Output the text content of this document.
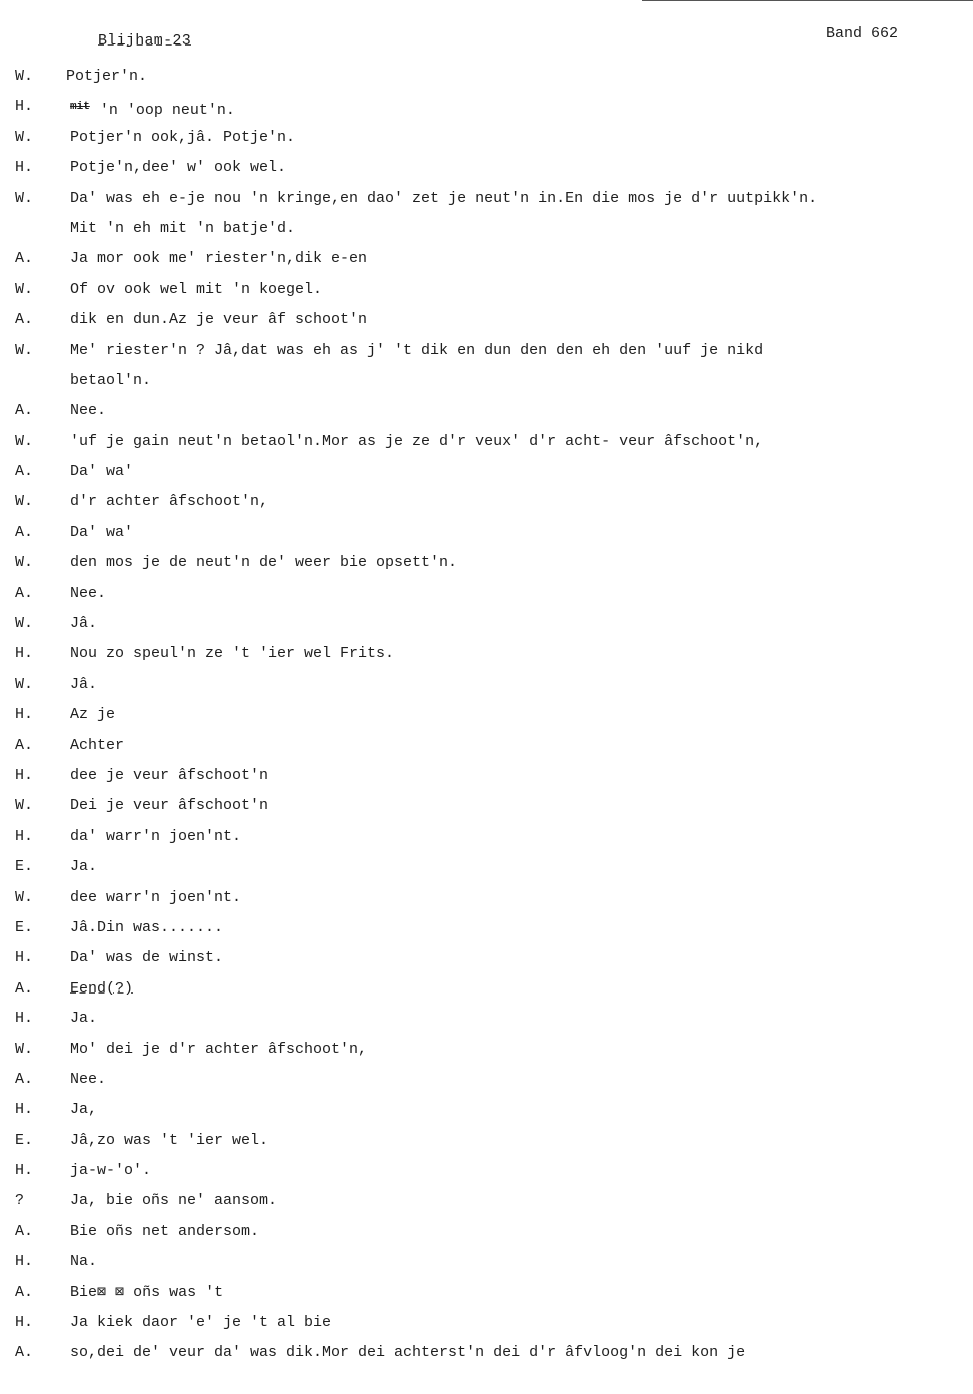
Blijham-23	Band 662
W.	Potjer'n.
H.	$^{mit}$ 'n 'oop neut'n.
W.	Potjer'n ook,jâ. Potje'n.
H.	Potje'n,dee' w' ook wel.
W.	Da' was eh e-je nou 'n kringe,en dao' zet je neut'n in.En die mos je d'r uutpikk'n.
Mit 'n eh mit 'n batje'd.
A.	Ja mor ook me' riester'n,dik e-en
W.	Of ov ook wel mit 'n koegel.
A.	dik en dun.Az je veur âf schoot'n
W.	Me' riester'n ? Jâ,dat was eh as j' 't dik en dun den den eh den 'uuf je nikd
betaol'n.
A.	Nee.
W.	'uf je gain neut'n betaol'n.Mor as je ze d'r veux' d'r acht- veur âfschoot'n,
A.	Da' wa'
W.	d'r achter âfschoot'n,
A.	Da' wa'
W.	den mos je de neut'n de' weer bie opsett'n.
A.	Nee.
W.	Jâ.
H.	Nou zo speul'n ze 't 'ier wel Frits.
W.	Jâ.
H.	Az je
A.	Achter
H.	dee je veur âfschoot'n
W.	Dei je veur âfschoot'n
H.	da' warr'n joen'nt.
E.	Ja.
W.	dee warr'n joen'nt.
E.	Jâ.Din was.......
H.	Da' was de winst.
A.	Eend(?)
H.	Ja.
W.	Mo' dei je d'r achter âfschoot'n,
A.	Nee.
H.	Ja,
E.	Jâ,zo was 't 'ier wel.
H.	ja-w-'o'.
?	Ja, bie oñs ne' aansom.
A.	Bie oñs net andersom.
H.	Na.
A.	Bie⊠ ⊠ oñs was 't
H.	Ja kiek daor 'e' je 't al bie
A.	so,dei de' veur da' was dik.Mor dei achterst'n dei d'r âfvloog'n dei kon je
